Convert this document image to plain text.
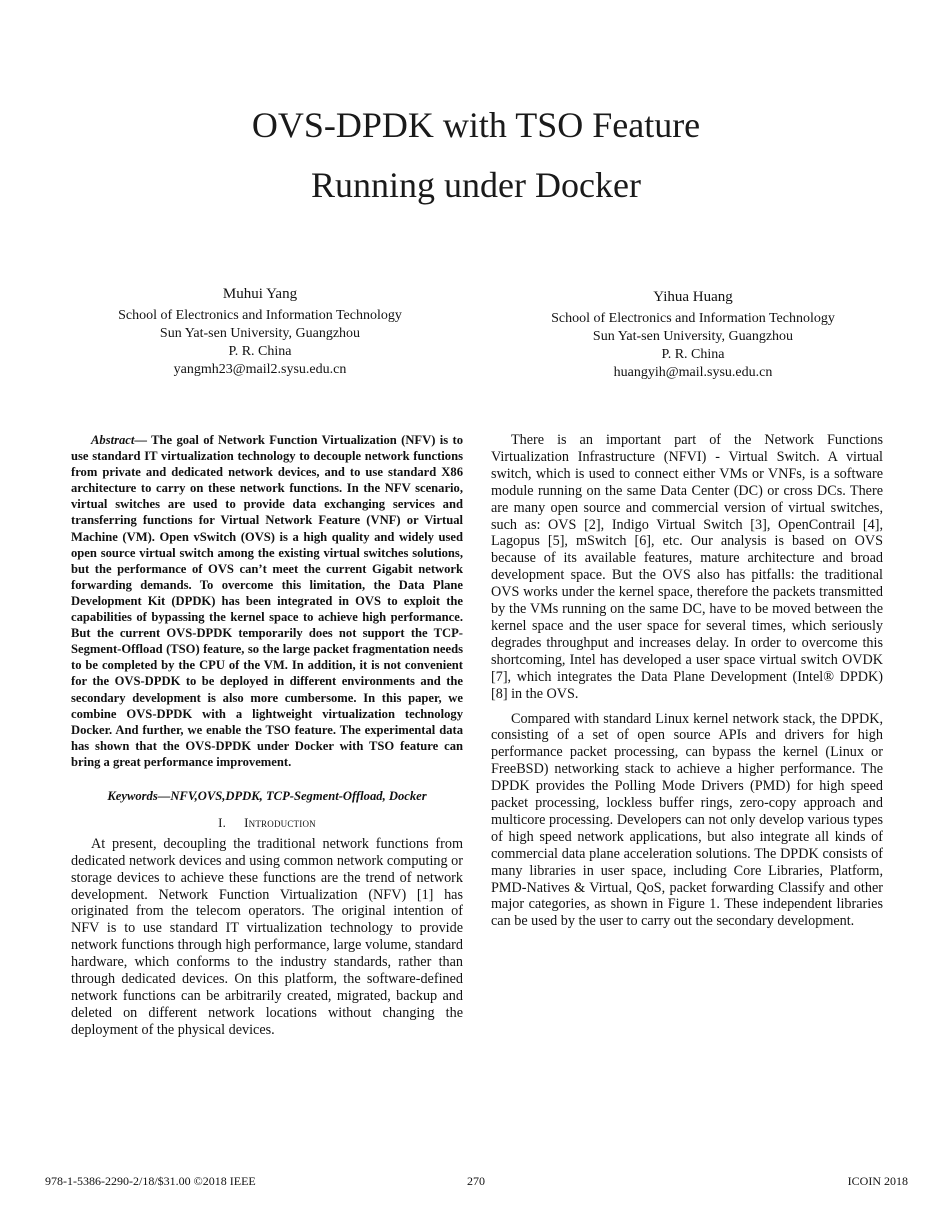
OVS-DPDK with TSO Feature
Running under Docker
Muhui Yang
School of Electronics and Information Technology
Sun Yat-sen University, Guangzhou
P. R. China
yangmh23@mail2.sysu.edu.cn
Yihua Huang
School of Electronics and Information Technology
Sun Yat-sen University, Guangzhou
P. R. China
huangyih@mail.sysu.edu.cn

Abstract— The goal of Network Function Virtualization (NFV) is to use standard IT virtualization technology to decouple network functions from private and dedicated network devices, and to use standard X86 architecture to carry on these network functions. In the NFV scenario, virtual switches are used to provide data exchanging services and transferring functions for Virtual Network Feature (VNF) or Virtual Machine (VM). Open vSwitch (OVS) is a high quality and widely used open source virtual switch among the existing virtual switches solutions, but the performance of OVS can’t meet the current Gigabit network forwarding demands. To overcome this limitation, the Data Plane Development Kit (DPDK) has been integrated in OVS to exploit the capabilities of bypassing the kernel space to achieve high performance. But the current OVS-DPDK temporarily does not support the TCP-Segment-Offload (TSO) feature, so the large packet fragmentation needs to be completed by the CPU of the VM. In addition, it is not convenient for the OVS-DPDK to be deployed in different environments and the secondary development is also more cumbersome. In this paper, we combine OVS-DPDK with a lightweight virtualization technology Docker. And further, we enable the TSO feature. The experimental data has shown that the OVS-DPDK under Docker with TSO feature can bring a great performance improvement.

Keywords—NFV,OVS,DPDK, TCP-Segment-Offload, Docker
I. Introduction

At present, decoupling the traditional network functions from dedicated network devices and using common network computing or storage devices to achieve these functions are the trend of network development. Network Function Virtualization (NFV) [1] has originated from the telecom operators. The original intention of NFV is to use standard IT virtualization technology to provide network functions through high performance, large volume, standard hardware, which conforms to the industry standards, rather than through dedicated devices. On this platform, the software-defined network functions can be arbitrarily created, migrated, backup and deleted on different network locations without changing the deployment of the physical devices.

There is an important part of the Network Functions Virtualization Infrastructure (NFVI) - Virtual Switch. A virtual switch, which is used to connect either VMs or VNFs, is a software module running on the same Data Center (DC) or cross DCs. There are many open source and commercial version of virtual switches, such as: OVS [2], Indigo Virtual Switch [3], OpenContrail [4], Lagopus [5], mSwitch [6], etc. Our analysis is based on OVS because of its available features, mature architecture and broad development space. But the OVS also has pitfalls: the traditional OVS works under the kernel space, therefore the packets transmitted by the VMs running on the same DC, have to be moved between the kernel space and the user space for several times, which seriously degrades throughput and increases delay. In order to overcome this shortcoming, Intel has developed a user space virtual switch OVDK [7], which integrates the Data Plane Development (Intel® DPDK) [8] in the OVS.

Compared with standard Linux kernel network stack, the DPDK, consisting of a set of open source APIs and drivers for high performance packet processing, can bypass the kernel (Linux or FreeBSD) networking stack to achieve a higher performance. The DPDK provides the Polling Mode Drivers (PMD) for high speed packet processing, lockless buffer rings, zero-copy approach and multicore processing. Developers can not only develop various types of high speed network applications, but also integrate all kinds of commercial data plane acceleration solutions. The DPDK consists of many libraries in user space, including Core Libraries, Platform, PMD-Natives & Virtual, QoS, packet forwarding Classify and other major categories, as shown in Figure 1. These independent libraries can be used by the user to carry out the secondary development.

978-1-5386-2290-2/18/$31.00 ©2018 IEEE	270	ICOIN 2018
